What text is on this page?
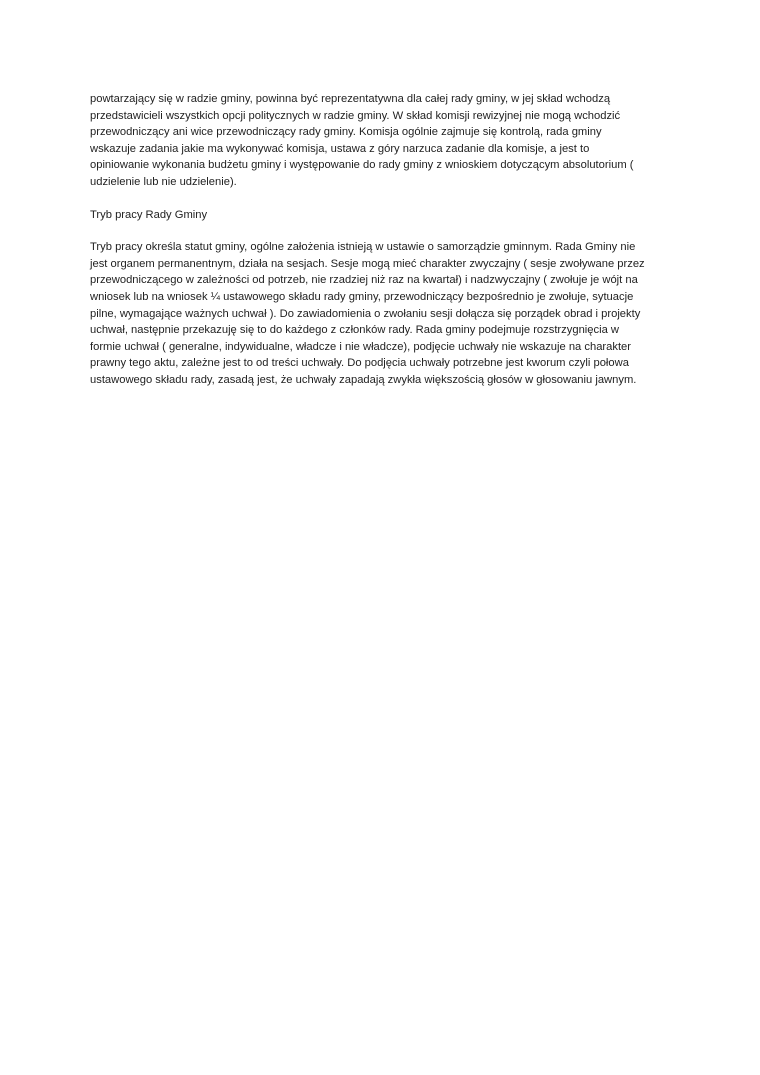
powtarzający się w radzie gminy, powinna być reprezentatywna dla całej rady gminy, w jej skład wchodzą
przedstawicieli wszystkich opcji politycznych w radzie gminy. W skład komisji rewizyjnej nie mogą wchodzić
przewodniczący ani wice przewodniczący rady gminy. Komisja ogólnie zajmuje się kontrolą, rada gminy
wskazuje zadania jakie ma wykonywać komisja, ustawa z góry narzuca zadanie dla komisje, a jest to
opiniowanie wykonania budżetu gminy i występowanie do rady gminy z wnioskiem dotyczącym absolutorium (
udzielenie lub nie udzielenie).
Tryb pracy Rady Gminy
Tryb pracy określa statut gminy, ogólne założenia istnieją w ustawie o samorządzie gminnym. Rada Gminy nie
jest organem permanentnym, działa na sesjach. Sesje mogą mieć charakter zwyczajny ( sesje zwoływane przez
przewodniczącego w zależności od potrzeb, nie rzadziej niż raz na kwartał) i nadzwyczajny ( zwołuje je wójt na
wniosek lub na wniosek ¼ ustawowego składu rady gminy, przewodniczący bezpośrednio je zwołuje, sytuacje
pilne, wymagające ważnych uchwał ). Do zawiadomienia o zwołaniu sesji dołącza się porządek obrad i projekty
uchwał, następnie przekazuję się to do każdego z członków rady. Rada gminy podejmuje rozstrzygnięcia w
formie uchwał ( generalne, indywidualne, władcze i nie władcze), podjęcie uchwały nie wskazuje na charakter
prawny tego aktu, zależne jest to od treści uchwały. Do podjęcia uchwały potrzebne jest kworum czyli połowa
ustawowego składu rady, zasadą jest, że uchwały zapadają zwykła większością głosów w głosowaniu jawnym.
